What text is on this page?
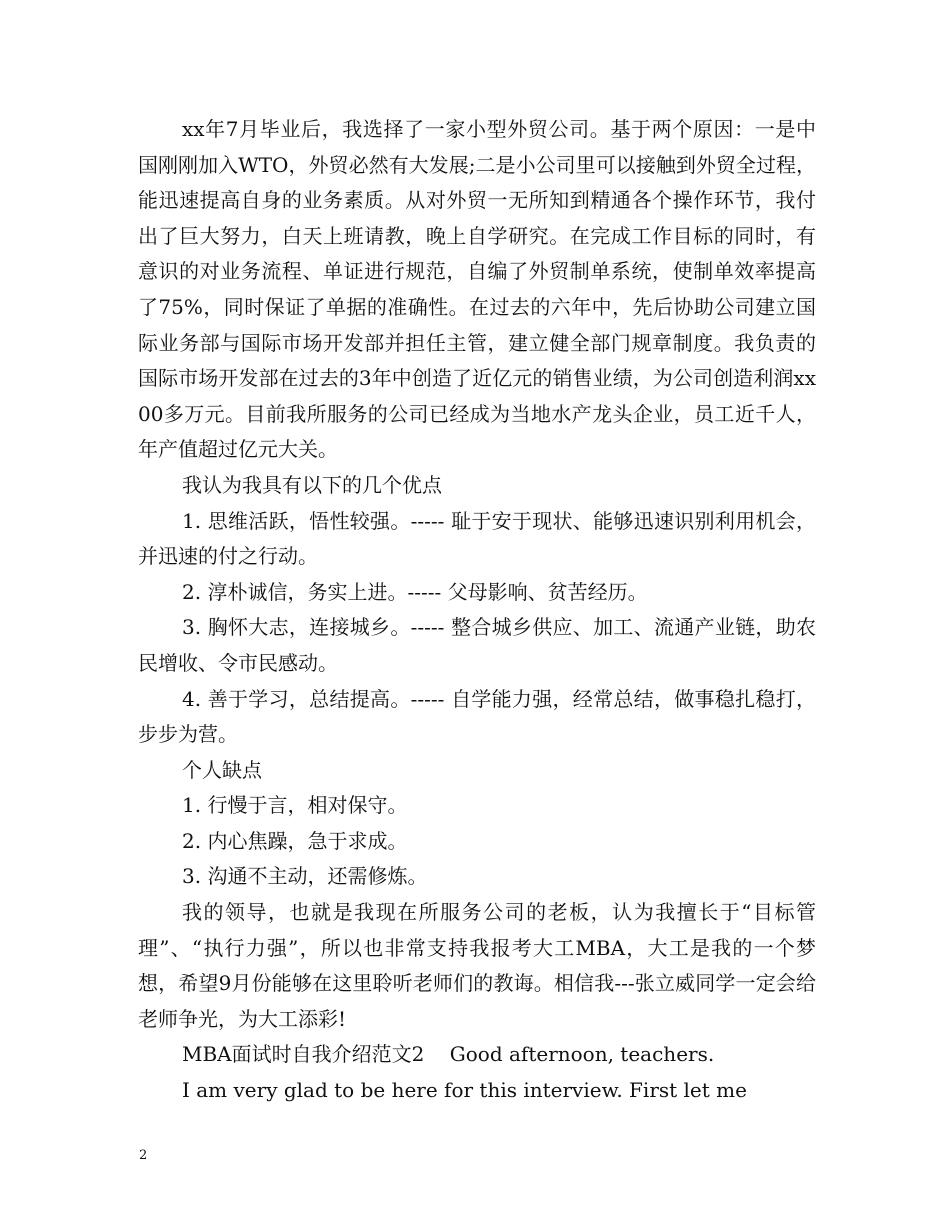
xx年7月毕业后，我选择了一家小型外贸公司。基于两个原因：一是中国刚刚加入WTO，外贸必然有大发展;二是小公司里可以接触到外贸全过程，能迅速提高自身的业务素质。从对外贸一无所知到精通各个操作环节，我付出了巨大努力，白天上班请教，晚上自学研究。在完成工作目标的同时，有意识的对业务流程、单证进行规范，自编了外贸制单系统，使制单效率提高了75%，同时保证了单据的准确性。在过去的六年中，先后协助公司建立国际业务部与国际市场开发部并担任主管，建立健全部门规章制度。我负责的国际市场开发部在过去的3年中创造了近亿元的销售业绩，为公司创造利润xx00多万元。目前我所服务的公司已经成为当地水产龙头企业，员工近千人，年产值超过亿元大关。

我认为我具有以下的几个优点

1. 思维活跃，悟性较强。----- 耻于安于现状、能够迅速识别利用机会，并迅速的付之行动。

2. 淳朴诚信，务实上进。----- 父母影响、贫苦经历。

3. 胸怀大志，连接城乡。----- 整合城乡供应、加工、流通产业链，助农民增收、令市民感动。

4. 善于学习，总结提高。----- 自学能力强，经常总结，做事稳扎稳打，步步为营。

个人缺点

1. 行慢于言，相对保守。

2. 内心焦躁，急于求成。

3. 沟通不主动，还需修炼。

我的领导，也就是我现在所服务公司的老板，认为我擅长于“目标管理”、“执行力强”，所以也非常支持我报考大工MBA，大工是我的一个梦想，希望9月份能够在这里聆听老师们的教诲。相信我---张立威同学一定会给老师争光，为大工添彩!

MBA面试时自我介绍范文2    Good afternoon, teachers.

I am very glad to be here for this interview. First let me

2
